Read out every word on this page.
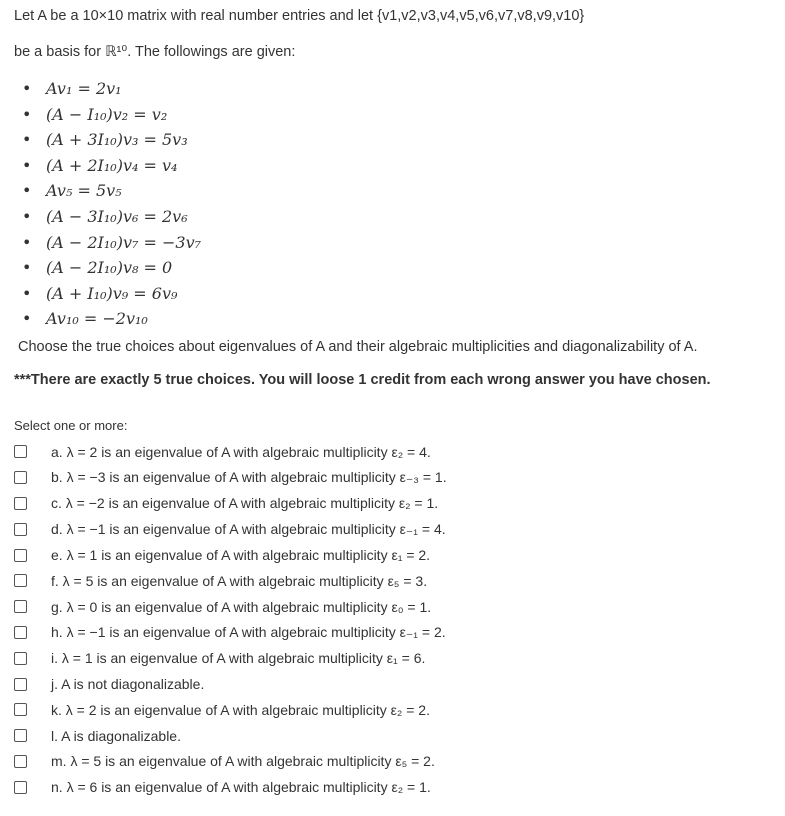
Let A be a 10×10 matrix with real number entries and let {v1,v2,v3,v4,v5,v6,v7,v8,v9,v10}
be a basis for ℝ¹⁰. The followings are given:
• Av₁ = 2v₁
• (A − I₁₀)v₂ = v₂
• (A + 3I₁₀)v₃ = 5v₃
• (A + 2I₁₀)v₄ = v₄
• Av₅ = 5v₅
• (A − 3I₁₀)v₆ = 2v₆
• (A − 2I₁₀)v₇ = −3v₇
• (A − 2I₁₀)v₈ = 0
• (A + I₁₀)v₉ = 6v₉
• Av₁₀ = −2v₁₀
Choose the true choices about eigenvalues of A and their algebraic multiplicities and diagonalizability of A.
***There are exactly 5 true choices. You will loose 1 credit from each wrong answer you have chosen.
Select one or more:
a. λ = 2 is an eigenvalue of A with algebraic multiplicity ε₂ = 4.
b. λ = −3 is an eigenvalue of A with algebraic multiplicity ε₋₃ = 1.
c. λ = −2 is an eigenvalue of A with algebraic multiplicity ε₂ = 1.
d. λ = −1 is an eigenvalue of A with algebraic multiplicity ε₋₁ = 4.
e. λ = 1 is an eigenvalue of A with algebraic multiplicity ε₁ = 2.
f. λ = 5 is an eigenvalue of A with algebraic multiplicity ε₅ = 3.
g. λ = 0 is an eigenvalue of A with algebraic multiplicity ε₀ = 1.
h. λ = −1 is an eigenvalue of A with algebraic multiplicity ε₋₁ = 2.
i. λ = 1 is an eigenvalue of A with algebraic multiplicity ε₁ = 6.
j. A is not diagonalizable.
k. λ = 2 is an eigenvalue of A with algebraic multiplicity ε₂ = 2.
l. A is diagonalizable.
m. λ = 5 is an eigenvalue of A with algebraic multiplicity ε₅ = 2.
n. λ = 6 is an eigenvalue of A with algebraic multiplicity ε₂ = 1.
